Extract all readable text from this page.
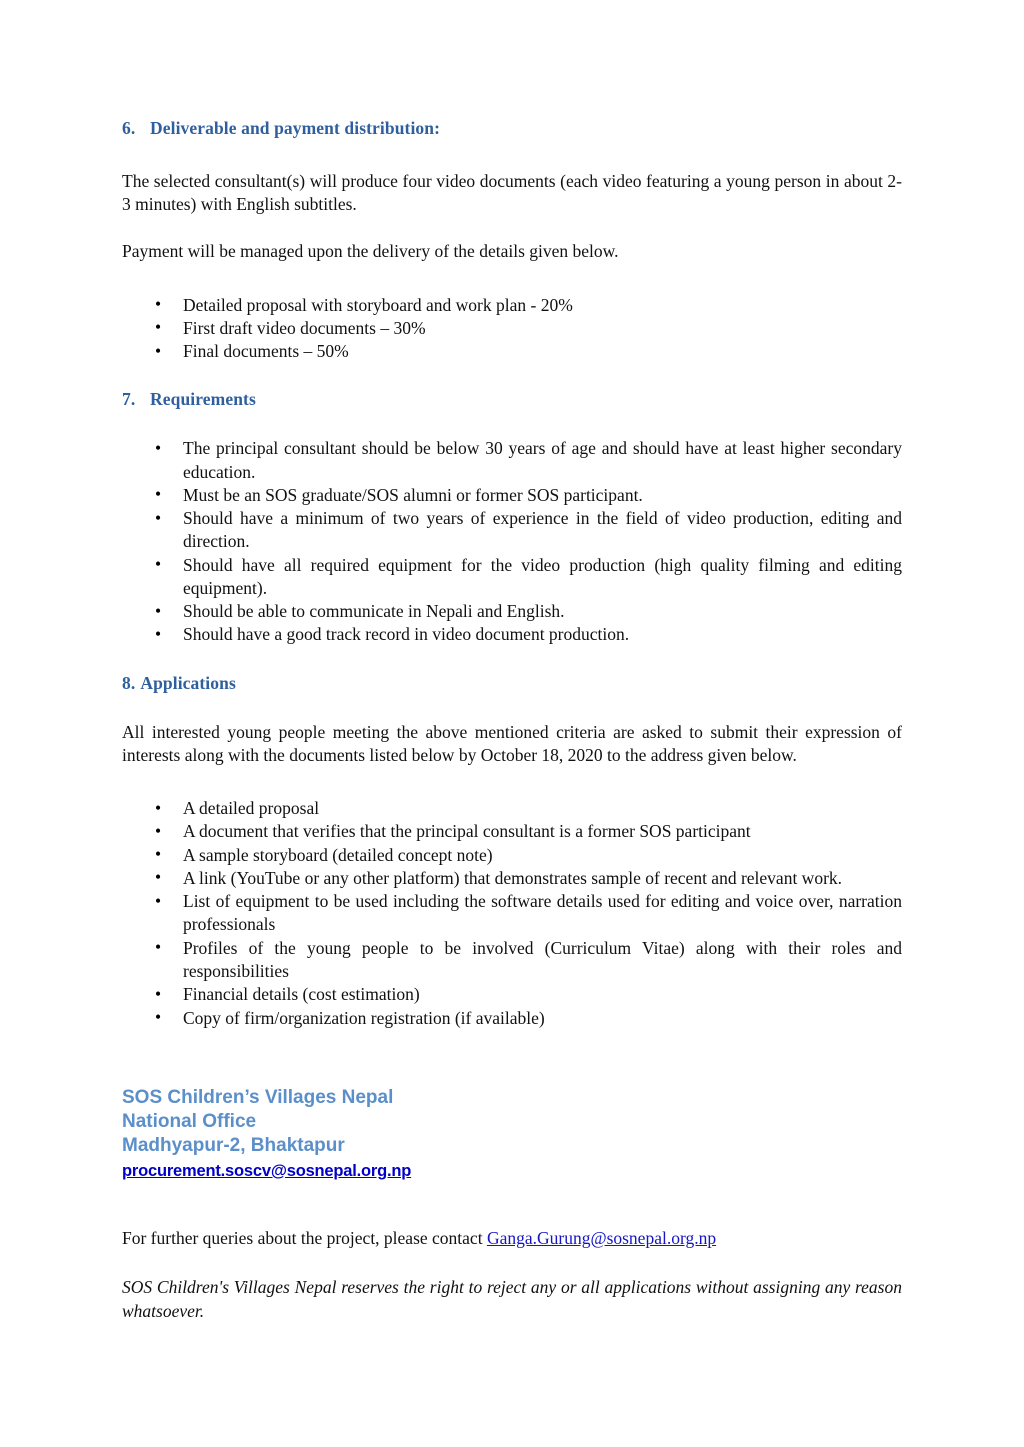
6. Deliverable and payment distribution:

The selected consultant(s) will produce four video documents (each video featuring a young person in about 2-3 minutes) with English subtitles.

Payment will be managed upon the delivery of the details given below.

• Detailed proposal with storyboard and work plan - 20%
• First draft video documents – 30%
• Final documents – 50%
7. Requirements
• The principal consultant should be below 30 years of age and should have at least higher secondary education.
• Must be an SOS graduate/SOS alumni or former SOS participant.
• Should have a minimum of two years of experience in the field of video production, editing and direction.
• Should have all required equipment for the video production (high quality filming and editing equipment).
• Should be able to communicate in Nepali and English.
• Should have a good track record in video document production.
8. Applications

All interested young people meeting the above mentioned criteria are asked to submit their expression of interests along with the documents listed below by October 18, 2020 to the address given below.

• A detailed proposal
• A document that verifies that the principal consultant is a former SOS participant
• A sample storyboard (detailed concept note)
• A link (YouTube or any other platform) that demonstrates sample of recent and relevant work.
• List of equipment to be used including the software details used for editing and voice over, narration professionals
• Profiles of the young people to be involved (Curriculum Vitae) along with their roles and responsibilities
• Financial details (cost estimation)
• Copy of firm/organization registration (if available)
SOS Children’s Villages Nepal
National Office
Madhyapur-2, Bhaktapur
procurement.soscv@sosnepal.org.np

For further queries about the project, please contact Ganga.Gurung@sosnepal.org.np

SOS Children's Villages Nepal reserves the right to reject any or all applications without assigning any reason whatsoever.
